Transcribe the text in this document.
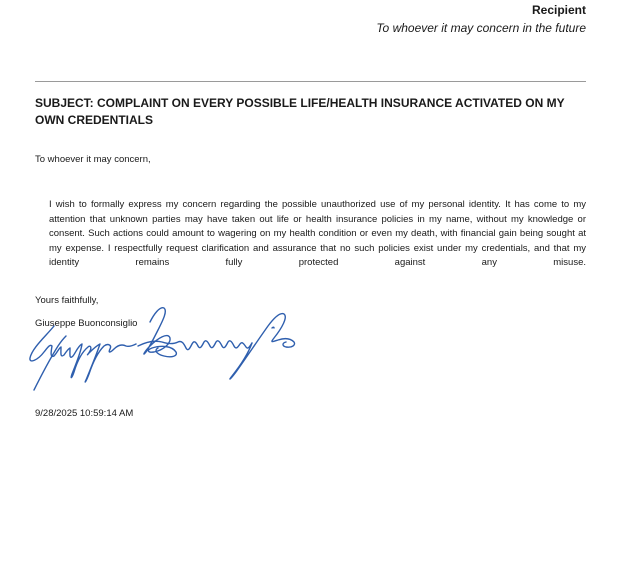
Recipient
To whoever it may concern in the future
SUBJECT: COMPLAINT ON EVERY POSSIBLE LIFE/HEALTH INSURANCE ACTIVATED ON MY OWN CREDENTIALS
To whoever it may concern,
I wish to formally express my concern regarding the possible unauthorized use of my personal identity. It has come to my attention that unknown parties may have taken out life or health insurance policies in my name, without my knowledge or consent. Such actions could amount to wagering on my health condition or even my death, with financial gain being sought at my expense. I respectfully request clarification and assurance that no such policies exist under my credentials, and that my identity remains fully protected against any misuse.
Yours faithfully,
Giuseppe Buonconsiglio
9/28/2025 10:59:14 AM
